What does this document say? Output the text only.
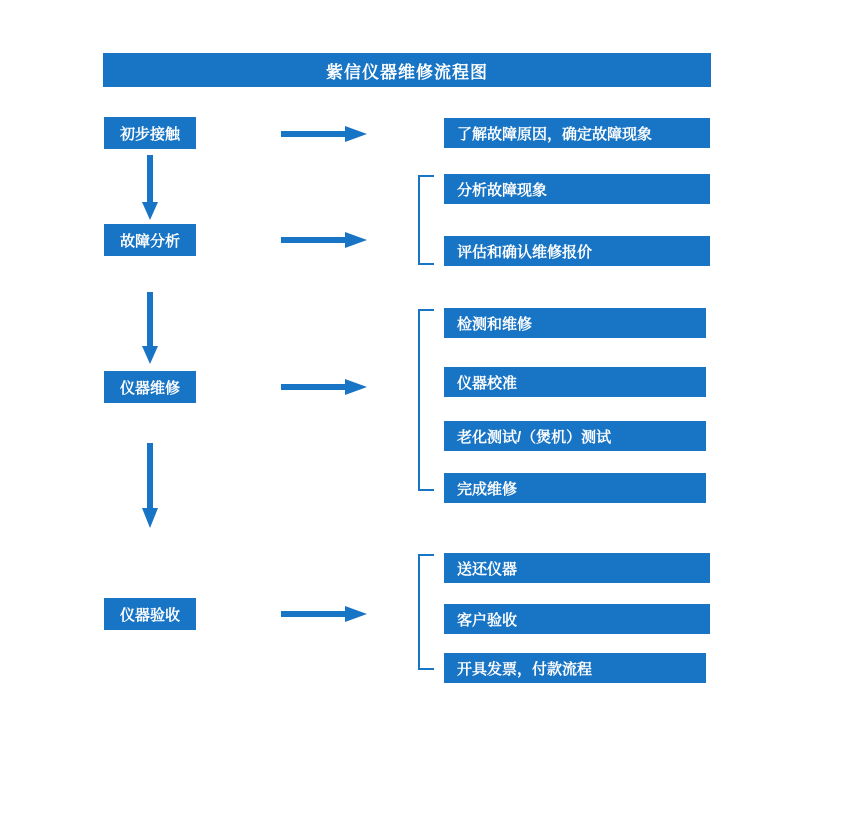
紫信仪器维修流程图
初步接触	了解故障原因，确定故障现象
故障分析
分析故障现象
评估和确认维修报价
仪器维修
检测和维修
仪器校准
老化测试/（煲机）测试
完成维修
仪器验收
送还仪器
客户验收
开具发票，付款流程
